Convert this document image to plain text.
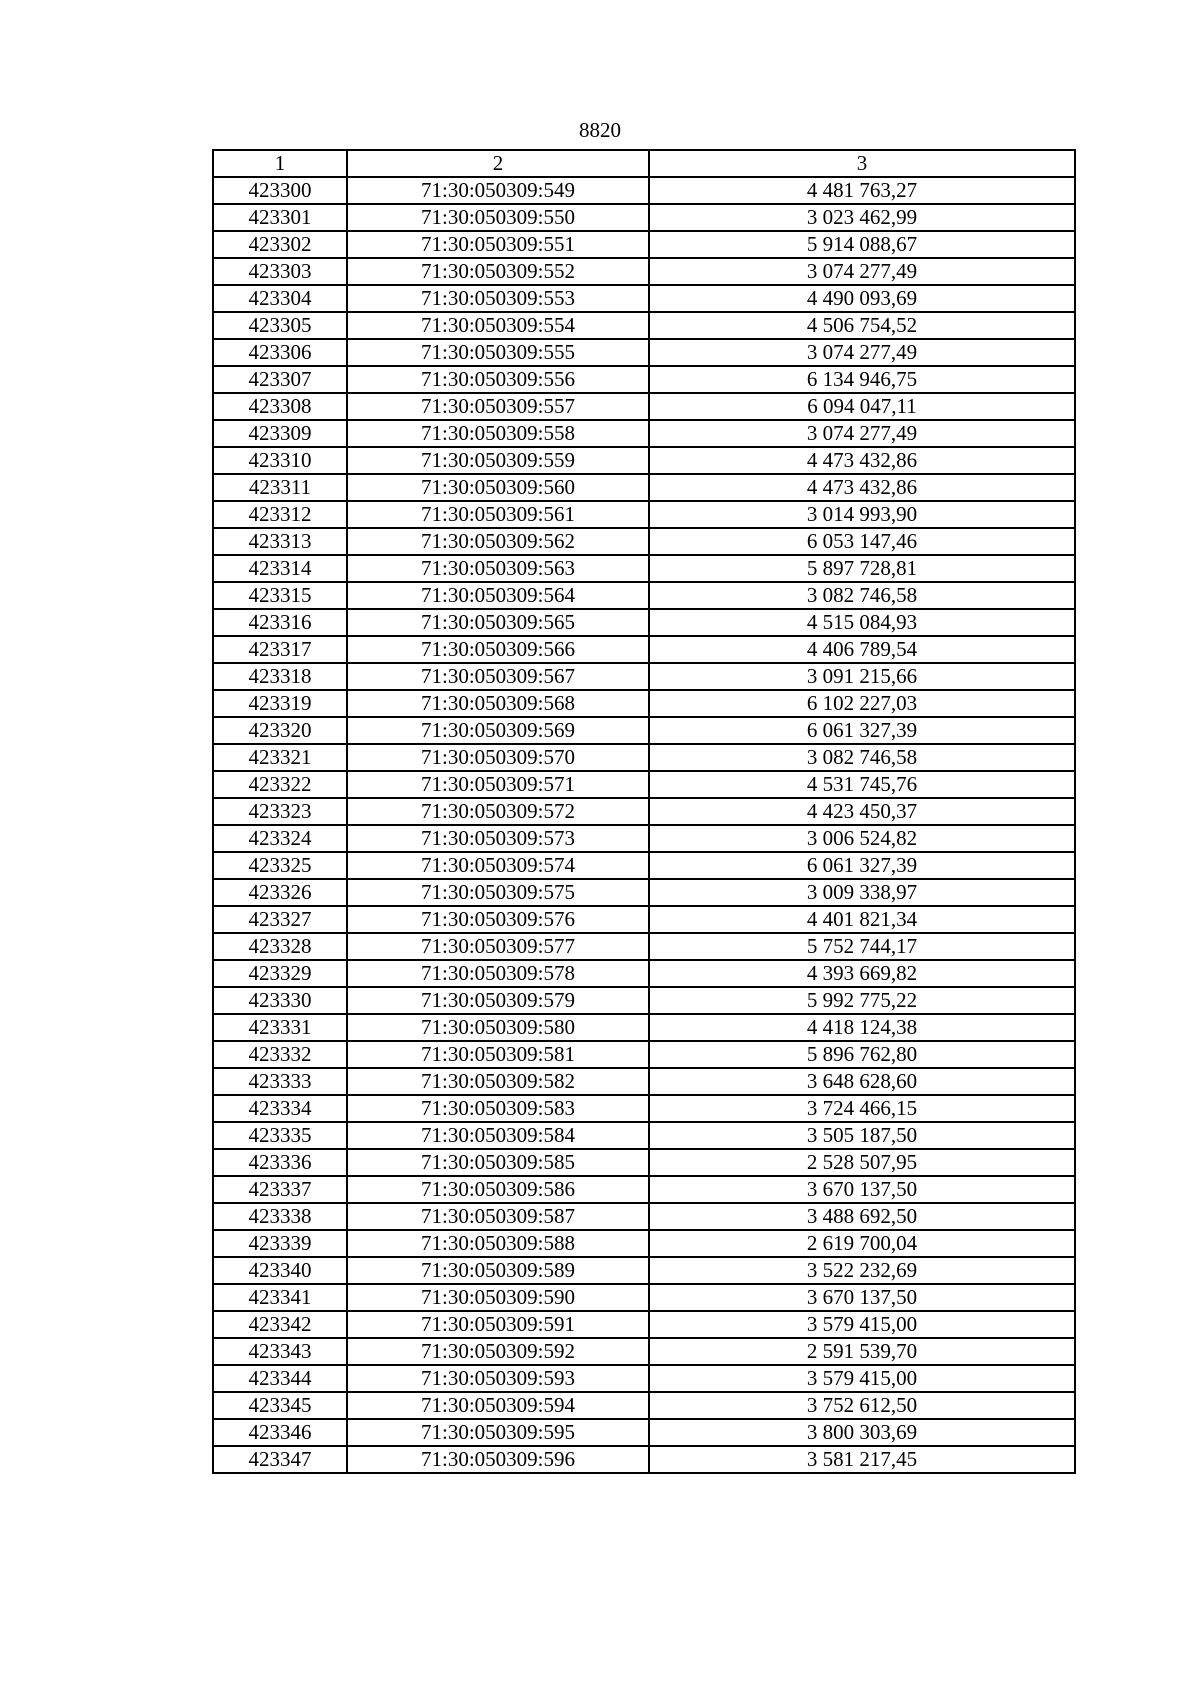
8820
1	2	3
423300	71:30:050309:549	4 481 763,27
423301	71:30:050309:550	3 023 462,99
423302	71:30:050309:551	5 914 088,67
423303	71:30:050309:552	3 074 277,49
423304	71:30:050309:553	4 490 093,69
423305	71:30:050309:554	4 506 754,52
423306	71:30:050309:555	3 074 277,49
423307	71:30:050309:556	6 134 946,75
423308	71:30:050309:557	6 094 047,11
423309	71:30:050309:558	3 074 277,49
423310	71:30:050309:559	4 473 432,86
423311	71:30:050309:560	4 473 432,86
423312	71:30:050309:561	3 014 993,90
423313	71:30:050309:562	6 053 147,46
423314	71:30:050309:563	5 897 728,81
423315	71:30:050309:564	3 082 746,58
423316	71:30:050309:565	4 515 084,93
423317	71:30:050309:566	4 406 789,54
423318	71:30:050309:567	3 091 215,66
423319	71:30:050309:568	6 102 227,03
423320	71:30:050309:569	6 061 327,39
423321	71:30:050309:570	3 082 746,58
423322	71:30:050309:571	4 531 745,76
423323	71:30:050309:572	4 423 450,37
423324	71:30:050309:573	3 006 524,82
423325	71:30:050309:574	6 061 327,39
423326	71:30:050309:575	3 009 338,97
423327	71:30:050309:576	4 401 821,34
423328	71:30:050309:577	5 752 744,17
423329	71:30:050309:578	4 393 669,82
423330	71:30:050309:579	5 992 775,22
423331	71:30:050309:580	4 418 124,38
423332	71:30:050309:581	5 896 762,80
423333	71:30:050309:582	3 648 628,60
423334	71:30:050309:583	3 724 466,15
423335	71:30:050309:584	3 505 187,50
423336	71:30:050309:585	2 528 507,95
423337	71:30:050309:586	3 670 137,50
423338	71:30:050309:587	3 488 692,50
423339	71:30:050309:588	2 619 700,04
423340	71:30:050309:589	3 522 232,69
423341	71:30:050309:590	3 670 137,50
423342	71:30:050309:591	3 579 415,00
423343	71:30:050309:592	2 591 539,70
423344	71:30:050309:593	3 579 415,00
423345	71:30:050309:594	3 752 612,50
423346	71:30:050309:595	3 800 303,69
423347	71:30:050309:596	3 581 217,45
